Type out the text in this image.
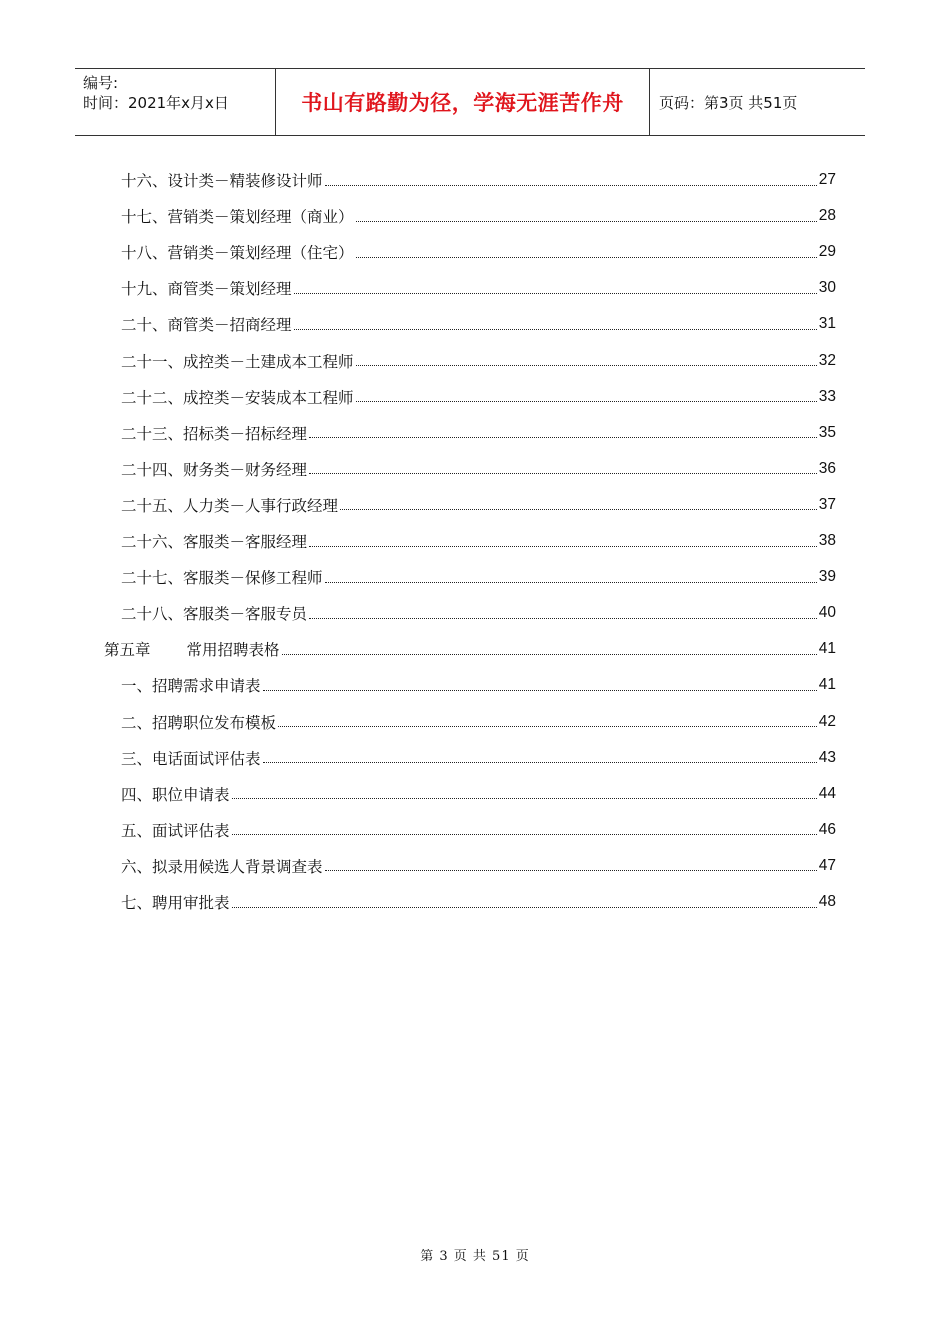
编号:
时间：2021年x月x日	书山有路勤为径，学海无涯苦作舟 页码：第3页 共51页
十六、设计类－精装修设计师	27
十七、营销类－策划经理（商业）	28
十八、营销类－策划经理（住宅）	29
十九、商管类－策划经理	30
二十、商管类－招商经理	31
二十一、成控类－土建成本工程师	32
二十二、成控类－安装成本工程师	33
二十三、招标类－招标经理	35
二十四、财务类－财务经理	36
二十五、人力类－人事行政经理	37
二十六、客服类－客服经理	38
二十七、客服类－保修工程师	39
二十八、客服类－客服专员	40
第五章 常用招聘表格	41
一、招聘需求申请表	41
二、招聘职位发布模板	42
三、电话面试评估表	43
四、职位申请表	44
五、面试评估表	46
六、拟录用候选人背景调查表	47
七、聘用审批表	48
第 3 页 共 51 页
